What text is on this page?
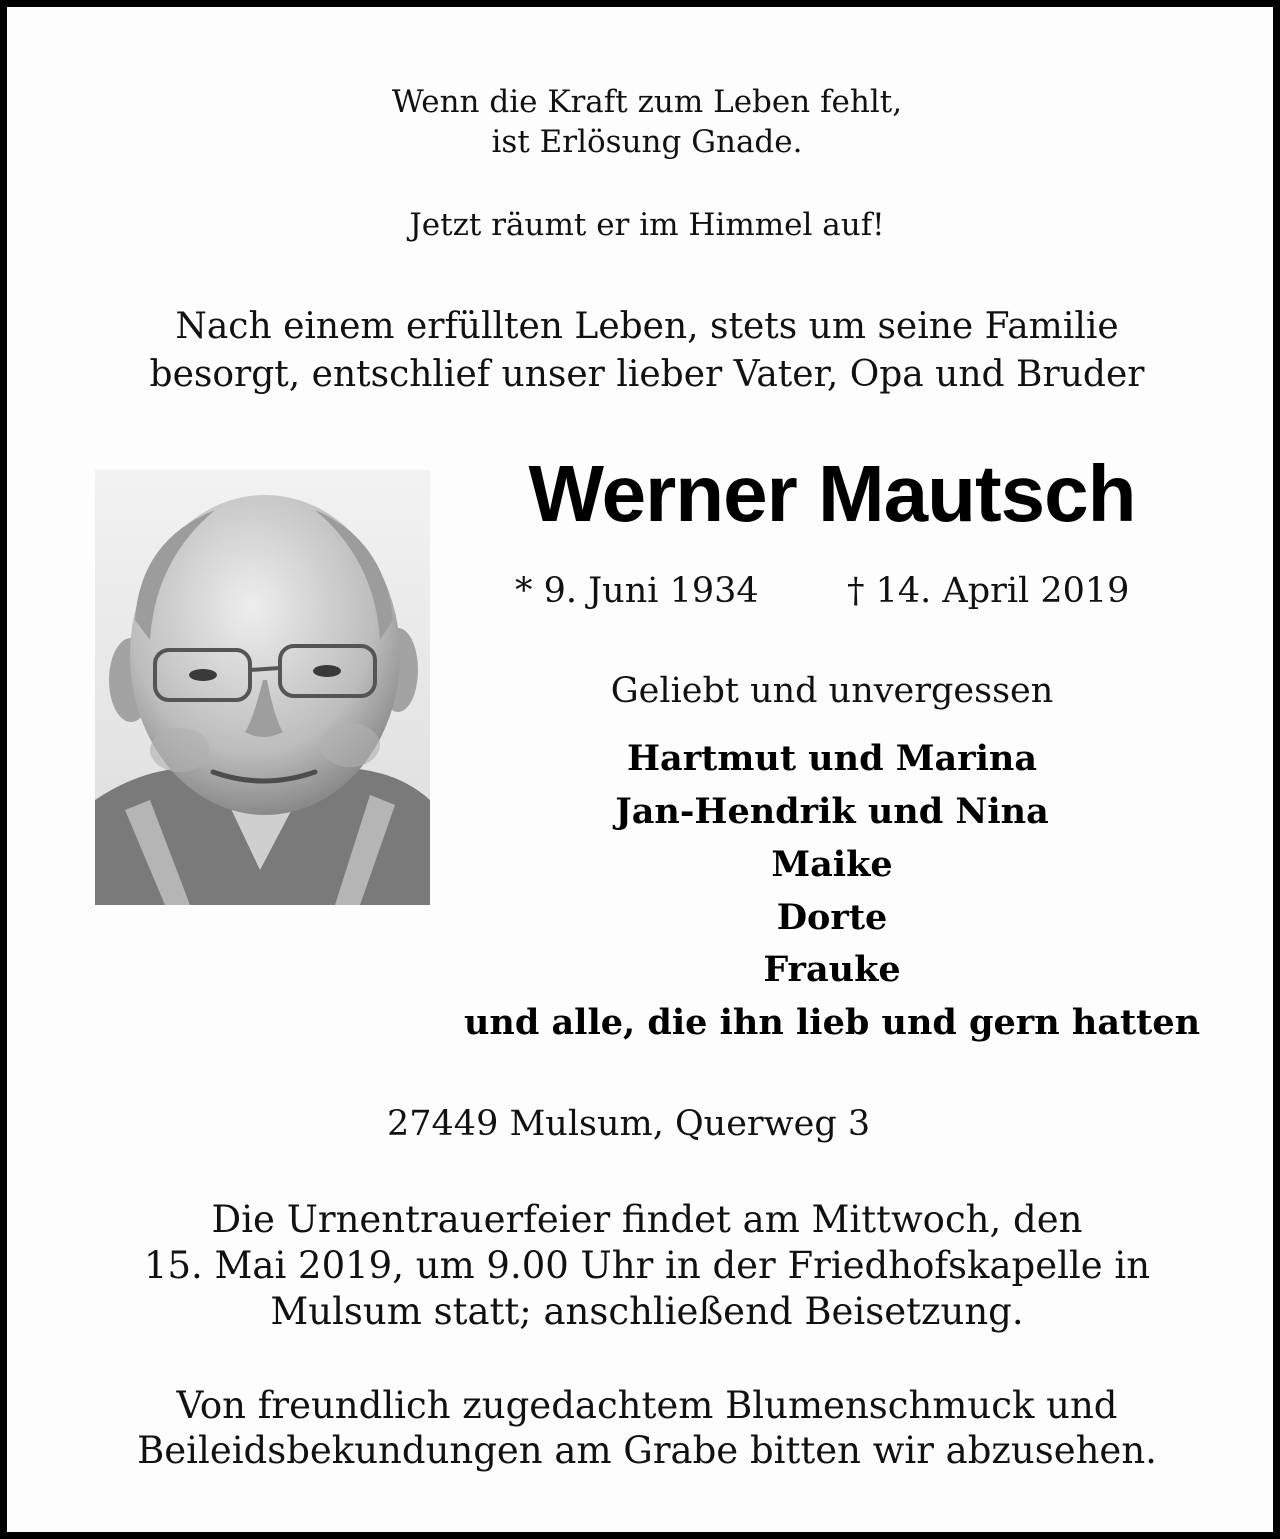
Wenn die Kraft zum Leben fehlt,
ist Erlösung Gnade.
Jetzt räumt er im Himmel auf!
Nach einem erfüllten Leben, stets um seine Familie
besorgt, entschlief unser lieber Vater, Opa und Bruder
Werner Mautsch
* 9. Juni 1934	† 14. April 2019
Geliebt und unvergessen
Hartmut und Marina
Jan-Hendrik und Nina
Maike
Dorte
Frauke
und alle, die ihn lieb und gern hatten
27449 Mulsum, Querweg 3
Die Urnentrauerfeier findet am Mittwoch, den
15. Mai 2019, um 9.00 Uhr in der Friedhofskapelle in
Mulsum statt; anschließend Beisetzung.
Von freundlich zugedachtem Blumenschmuck und
Beileidsbekundungen am Grabe bitten wir abzusehen.
